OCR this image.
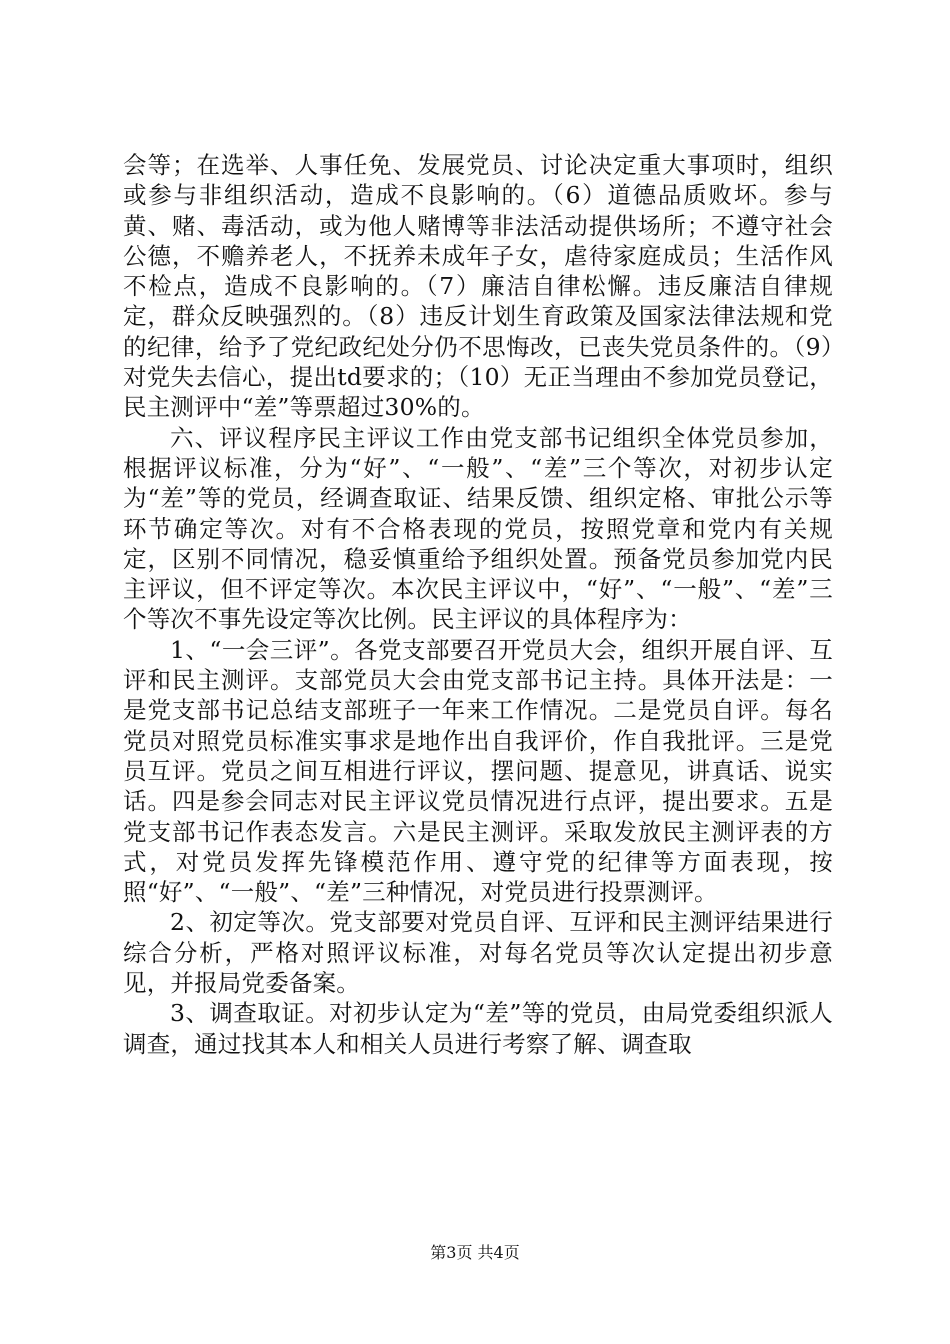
会等；在选举、人事任免、发展党员、讨论决定重大事项时，组织或参与非组织活动，造成不良影响的。（6）道德品质败坏。参与黄、赌、毒活动，或为他人赌博等非法活动提供场所；不遵守社会公德，不赡养老人，不抚养未成年子女，虐待家庭成员；生活作风不检点，造成不良影响的。（7）廉洁自律松懈。违反廉洁自律规定，群众反映强烈的。（8）违反计划生育政策及国家法律法规和党的纪律，给予了党纪政纪处分仍不思悔改，已丧失党员条件的。（9）对党失去信心，提出td要求的；（10）无正当理由不参加党员登记，民主测评中“差”等票超过30%的。

六、评议程序民主评议工作由党支部书记组织全体党员参加，根据评议标准，分为“好”、“一般”、“差”三个等次，对初步认定为“差”等的党员，经调查取证、结果反馈、组织定格、审批公示等环节确定等次。对有不合格表现的党员，按照党章和党内有关规定，区别不同情况，稳妥慎重给予组织处置。预备党员参加党内民主评议，但不评定等次。本次民主评议中，“好”、“一般”、“差”三个等次不事先设定等次比例。民主评议的具体程序为：

1、“一会三评”。各党支部要召开党员大会，组织开展自评、互评和民主测评。支部党员大会由党支部书记主持。具体开法是：一是党支部书记总结支部班子一年来工作情况。二是党员自评。每名党员对照党员标准实事求是地作出自我评价，作自我批评。三是党员互评。党员之间互相进行评议，摆问题、提意见，讲真话、说实话。四是参会同志对民主评议党员情况进行点评，提出要求。五是党支部书记作表态发言。六是民主测评。采取发放民主测评表的方式，对党员发挥先锋模范作用、遵守党的纪律等方面表现，按照“好”、“一般”、“差”三种情况，对党员进行投票测评。

2、初定等次。党支部要对党员自评、互评和民主测评结果进行综合分析，严格对照评议标准，对每名党员等次认定提出初步意见，并报局党委备案。

3、调查取证。对初步认定为“差”等的党员，由局党委组织派人调查，通过找其本人和相关人员进行考察了解、调查取

第3页 共4页
